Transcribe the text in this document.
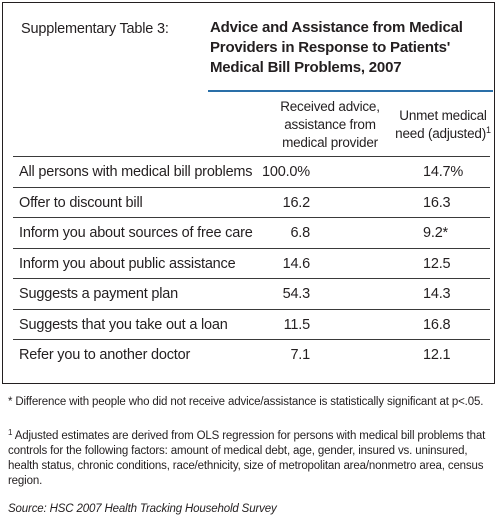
Supplementary Table 3:	Advice and Assistance from Medical Providers in Response to Patients' Medical Bill Problems, 2007
Received advice, assistance from medical provider
Unmet medical need (adjusted)$^1$
All persons with medical bill problems 100.0%	14.7%
Offer to discount bill	16.2	16.3
Inform you about sources of free care	6.8	9.2*
Inform you about public assistance	14.6	12.5
Suggests a payment plan	54.3	14.3
Suggests that you take out a loan	11.5	16.8
Refer you to another doctor	7.1	12.1
* Difference with people who did not receive advice/assistance is statistically significant at p<.05.
$^1$ Adjusted estimates are derived from OLS regression for persons with medical bill problems that controls for the following factors: amount of medical debt, age, gender, insured vs. uninsured, health status, chronic conditions, race/ethnicity, size of metropolitan area/nonmetro area, census region.
Source: HSC 2007 Health Tracking Household Survey
